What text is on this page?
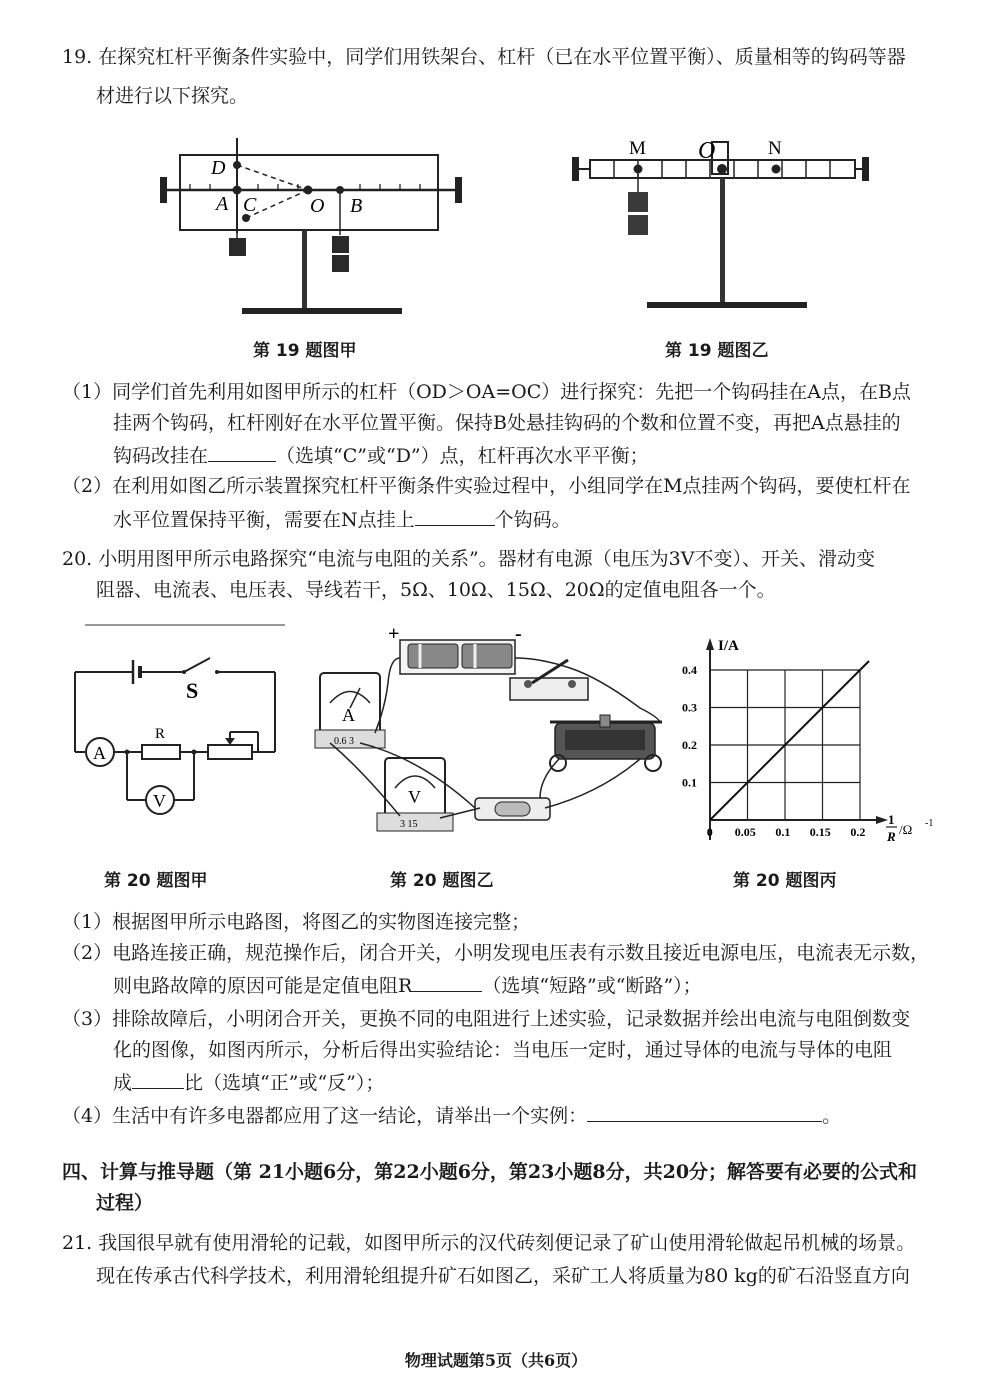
19. 在探究杠杆平衡条件实验中，同学们用铁架台、杠杆（已在水平位置平衡）、质量相等的钩码等器
材进行以下探究。
D
A C	O B
第 19 题图甲
M O	N
第 19 题图乙
（1）同学们首先利用如图甲所示的杠杆（OD＞OA=OC）进行探究：先把一个钩码挂在A点，在B点
挂两个钩码，杠杆刚好在水平位置平衡。保持B处悬挂钩码的个数和位置不变，再把A点悬挂的
钩码改挂在	（选填“C”或“D”）点，杠杆再次水平平衡；
（2）在利用如图乙所示装置探究杠杆平衡条件实验过程中，小组同学在M点挂两个钩码，要使杠杆在
水平位置保持平衡，需要在N点挂上	个钩码。
20. 小明用图甲所示电路探究“电流与电阻的关系”。器材有电源（电压为3V不变）、开关、滑动变
阻器、电流表、电压表、导线若干，5Ω、10Ω、15Ω、20Ω的定值电阻各一个。
S
A
R
V
第 20 题图甲
+	-
A
0.6 3
V
3 15
第 20 题图乙
0 0.05 0.1 0.15 0.2
0.1
0.2
0.3
0.4
I/A
1
R /Ω -1
第 20 题图丙
（1）根据图甲所示电路图，将图乙的实物图连接完整；
（2）电路连接正确，规范操作后，闭合开关，小明发现电压表有示数且接近电源电压，电流表无示数，
则电路故障的原因可能是定值电阻R	（选填“短路”或“断路”）；
（3）排除故障后，小明闭合开关，更换不同的电阻进行上述实验，记录数据并绘出电流与电阻倒数变
化的图像，如图丙所示，分析后得出实验结论：当电压一定时，通过导体的电流与导体的电阻
成	比（选填“正”或“反”）；
（4）生活中有许多电器都应用了这一结论，请举出一个实例：	。
四、计算与推导题（第 21小题6分，第22小题6分，第23小题8分，共20分；解答要有必要的公式和
过程）
21. 我国很早就有使用滑轮的记载，如图甲所示的汉代砖刻便记录了矿山使用滑轮做起吊机械的场景。
现在传承古代科学技术，利用滑轮组提升矿石如图乙，采矿工人将质量为80 kg的矿石沿竖直方向
物理试题第5页（共6页）
